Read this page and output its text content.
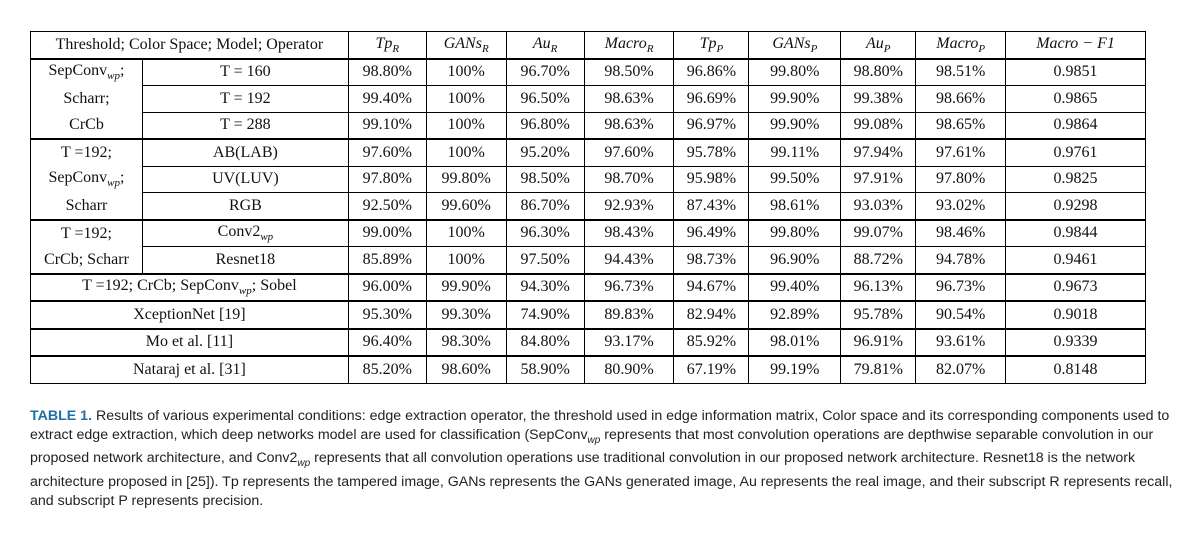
Threshold; Color Space; Model; Operator		$Tp_R$	GANs$_R$	$Au_R$	Macro$_R$	$Tp_P$	GANs$_P$	$Au_P$	Macro$_P$	Macro − F1
SepConv$_{wp}$;	T = 160	98.80%	100%	96.70%	98.50%	96.86%	99.80%	98.80%	98.51%	0.9851
Scharr;	T = 192	99.40%	100%	96.50%	98.63%	96.69%	99.90%	99.38%	98.66%	0.9865
CrCb	T = 288	99.10%	100%	96.80%	98.63%	96.97%	99.90%	99.08%	98.65%	0.9864
T =192;	AB(LAB)	97.60%	100%	95.20%	97.60%	95.78%	99.11%	97.94%	97.61%	0.9761
SepConv$_{wp}$;	UV(LUV)	97.80%	99.80%	98.50%	98.70%	95.98%	99.50%	97.91%	97.80%	0.9825
Scharr	RGB	92.50%	99.60%	86.70%	92.93%	87.43%	98.61%	93.03%	93.02%	0.9298
T =192;	$Conv2_{wp}$	99.00%	100%	96.30%	98.43%	96.49%	99.80%	99.07%	98.46%	0.9844
CrCb; Scharr	Resnet18	85.89%	100%	97.50%	94.43%	98.73%	96.90%	88.72%	94.78%	0.9461
T =192; CrCb; SepConv$_{wp}$; Sobel		96.00%	99.90%	94.30%	96.73%	94.67%	99.40%	96.13%	96.73%	0.9673
XceptionNet [19]		95.30%	99.30%	74.90%	89.83%	82.94%	92.89%	95.78%	90.54%	0.9018
Mo et al. [11]		96.40%	98.30%	84.80%	93.17%	85.92%	98.01%	96.91%	93.61%	0.9339
Nataraj et al. [31]		85.20%	98.60%	58.90%	80.90%	67.19%	99.19%	79.81%	82.07%	0.8148
TABLE 1. Results of various experimental conditions: edge extraction operator, the threshold used in edge information matrix, Color space and its corresponding components used to extract edge extraction, which deep networks model are used for classification (SepConv$_{wp}$ represents that most convolution operations are depthwise separable convolution in our proposed network architecture, and $Conv2_{wp}$ represents that all convolution operations use traditional convolution in our proposed network architecture. Resnet18 is the network architecture proposed in [25]). Tp represents the tampered image, GANs represents the GANs generated image, Au represents the real image, and their subscript R represents recall, and subscript P represents precision.
